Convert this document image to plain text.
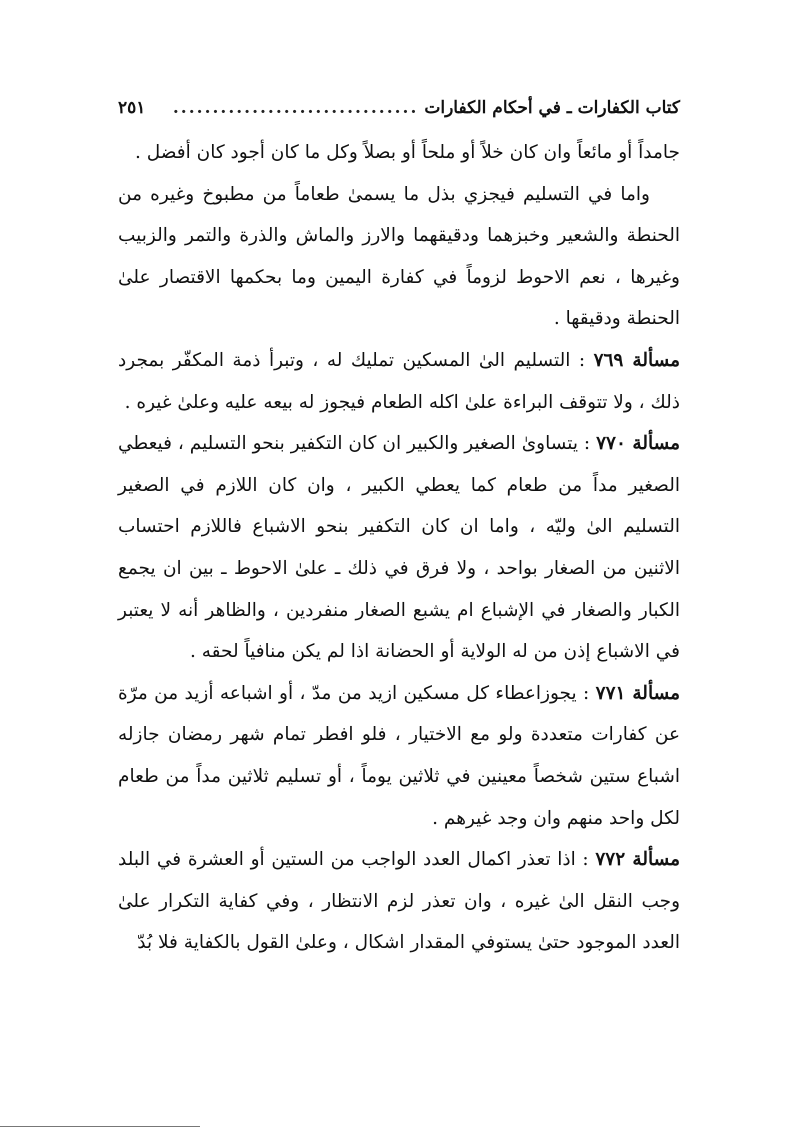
كتاب الكفارات ـ في أحكام الكفارات
...............................
٢٥١

جامداً أو مائعاً وان كان خلاً أو ملحاً أو بصلاً وكل ما كان أجود كان أفضل .

واما في التسليم فيجزي بذل ما يسمىٰ طعاماً من مطبوخ وغيره من الحنطة والشعير وخبزهما ودقيقهما والارز والماش والذرة والتمر والزبيب وغيرها ، نعم الاحوط لزوماً في كفارة اليمين وما بحكمها الاقتصار علىٰ الحنطة ودقيقها .

مسألة ٧٦٩ : التسليم الىٰ المسكين تمليك له ، وتبرأ ذمة المكفّر بمجرد ذلك ، ولا تتوقف البراءة علىٰ اكله الطعام فيجوز له بيعه عليه وعلىٰ غيره .

مسألة ٧٧٠ : يتساوىٰ الصغير والكبير ان كان التكفير بنحو التسليم ، فيعطي الصغير مداً من طعام كما يعطي الكبير ، وان كان اللازم في الصغير التسليم الىٰ وليّه ، واما ان كان التكفير بنحو الاشباع فاللازم احتساب الاثنين من الصغار بواحد ، ولا فرق في ذلك ـ علىٰ الاحوط ـ بين ان يجمع الكبار والصغار في الإشباع ام يشبع الصغار منفردين ، والظاهر أنه لا يعتبر في الاشباع إذن من له الولاية أو الحضانة اذا لم يكن منافياً لحقه .

مسألة ٧٧١ : يجوزاعطاء كل مسكين ازيد من مدّ ، أو اشباعه أزيد من مرّة عن كفارات متعددة ولو مع الاختيار ، فلو افطر تمام شهر رمضان جازله اشباع ستين شخصاً معينين في ثلاثين يوماً ، أو تسليم ثلاثين مداً من طعام لكل واحد منهم وان وجد غيرهم .

مسألة ٧٧٢ : اذا تعذر اكمال العدد الواجب من الستين أو العشرة في البلد وجب النقل الىٰ غيره ، وان تعذر لزم الانتظار ، وفي كفاية التكرار علىٰ العدد الموجود حتىٰ يستوفي المقدار اشكال ، وعلىٰ القول بالكفاية فلا بُدّ
